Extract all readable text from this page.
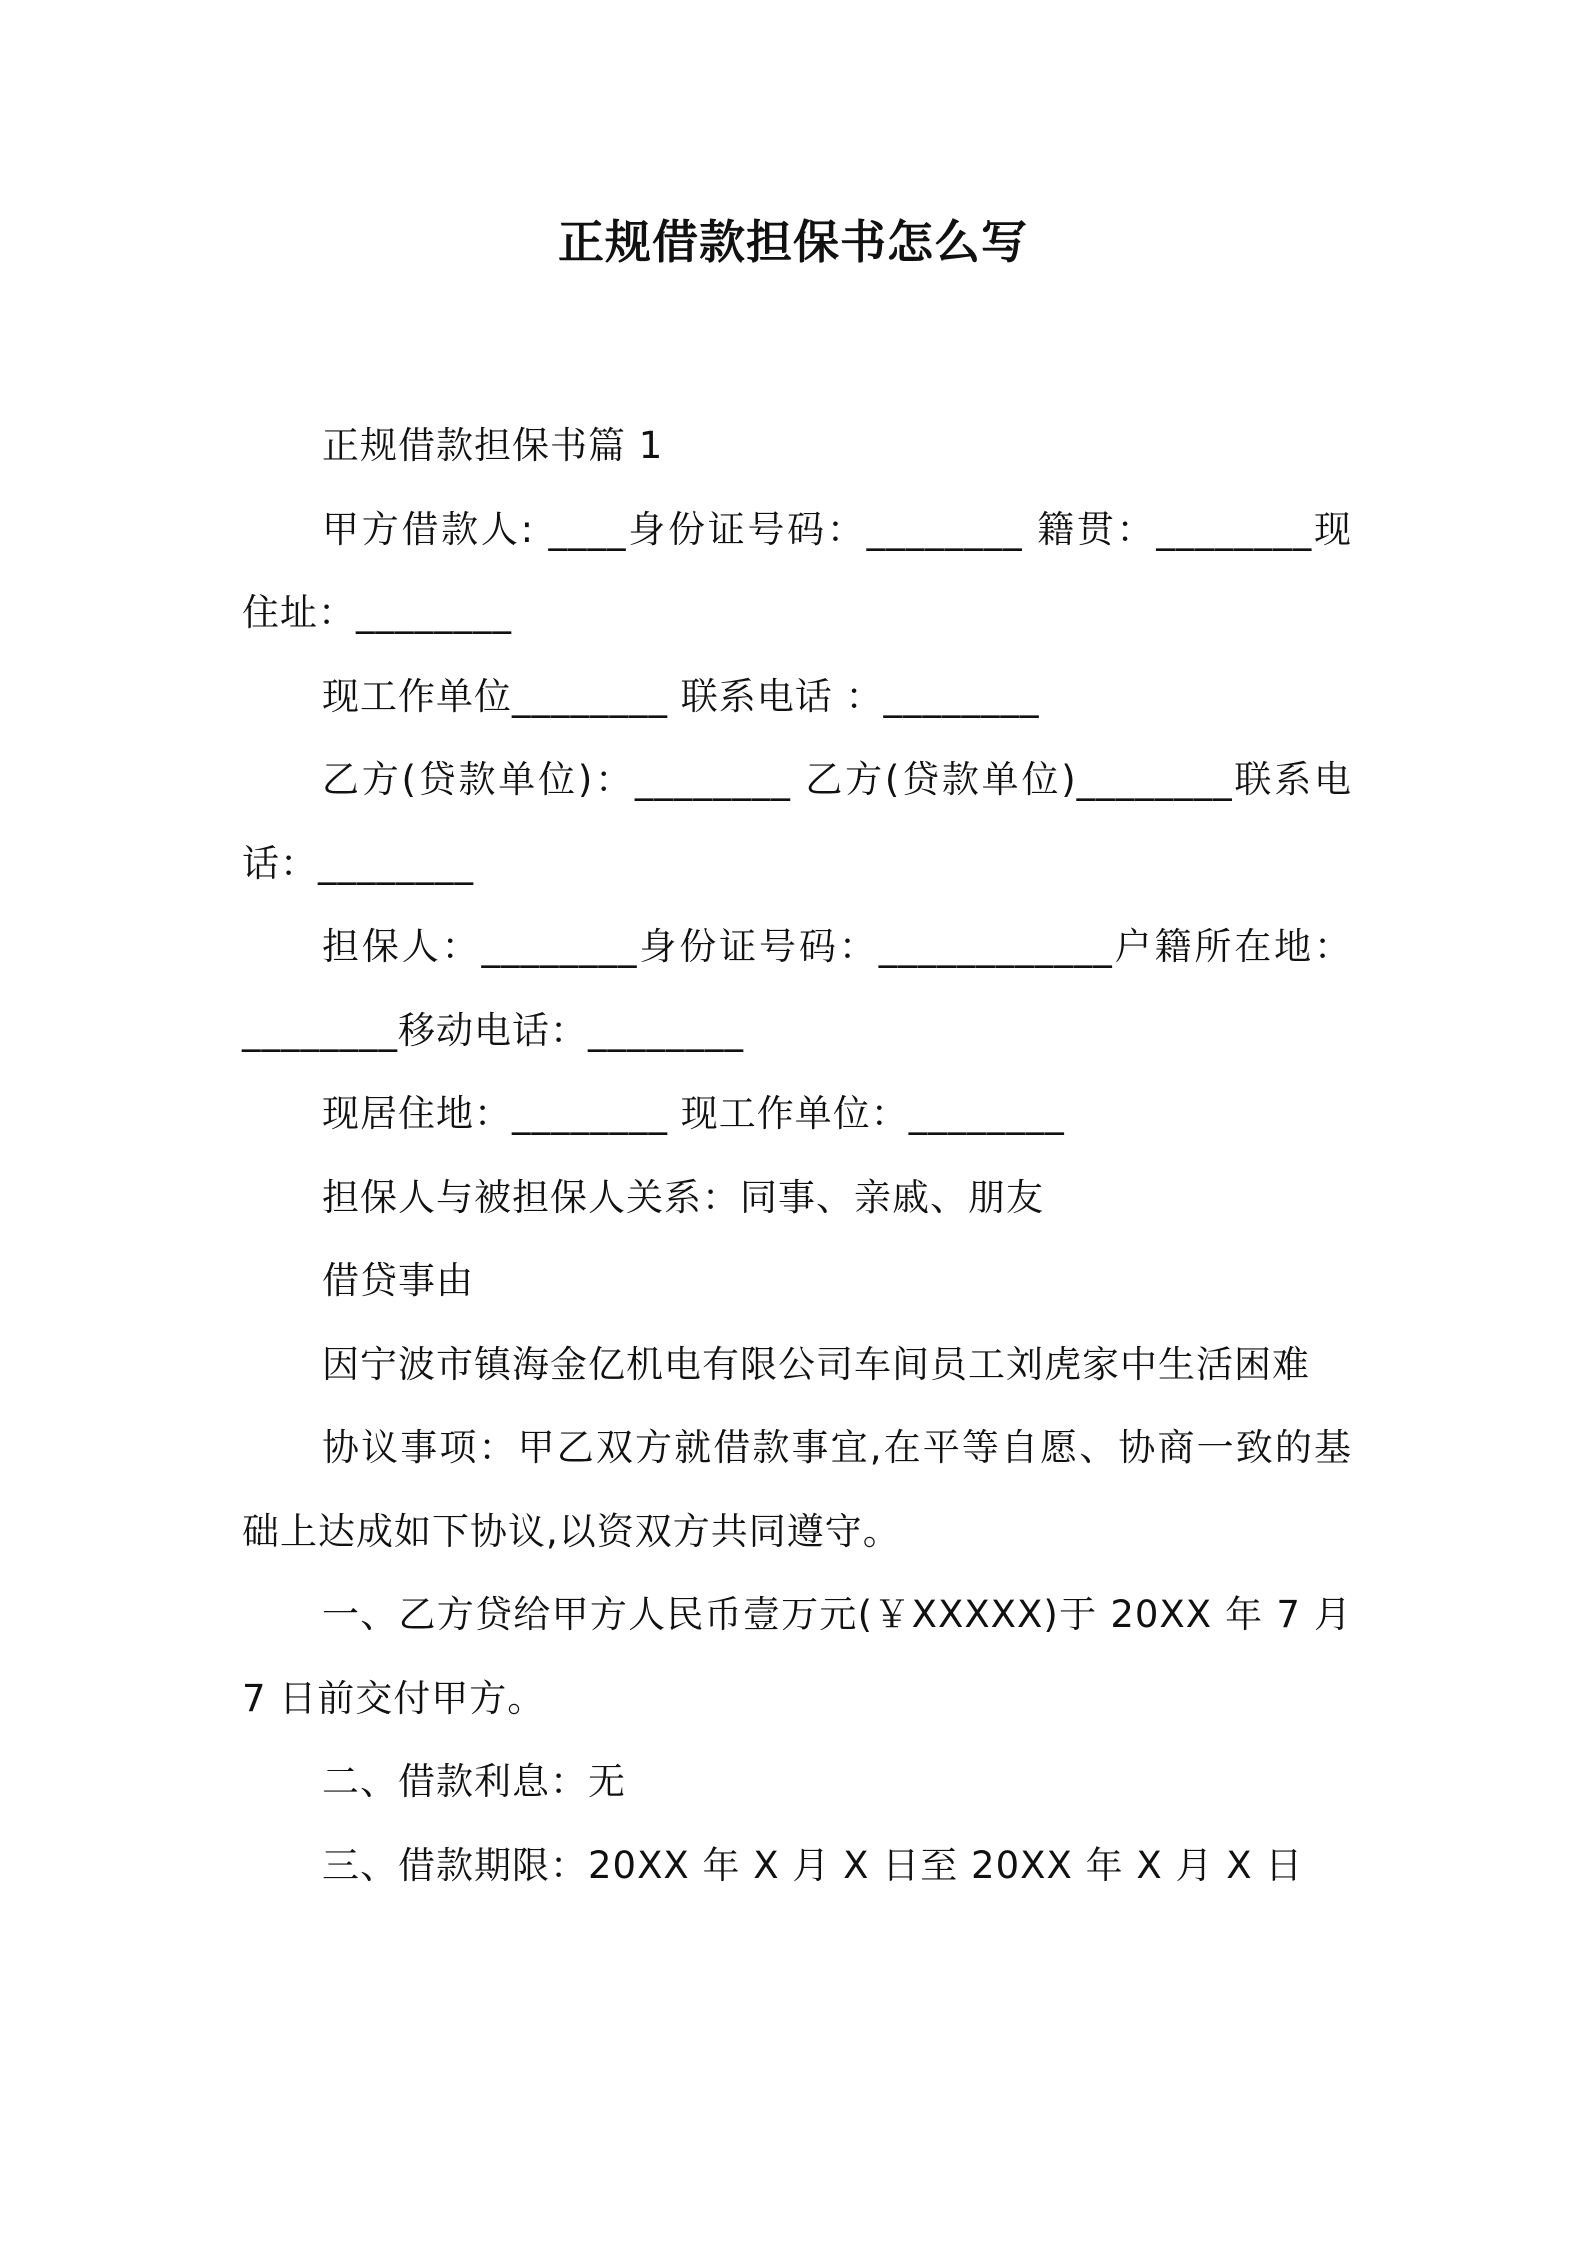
正规借款担保书怎么写

正规借款担保书篇 1

甲方借款人: ____身份证号码：________ 籍贯：________现住址：________

现工作单位________ 联系电话 ：________

乙方(贷款单位)：________ 乙方(贷款单位)________联系电话：________

担保人：________身份证号码：____________户籍所在地：________移动电话：________

现居住地：________ 现工作单位：________

担保人与被担保人关系：同事、亲戚、朋友

借贷事由

因宁波市镇海金亿机电有限公司车间员工刘虎家中生活困难

协议事项：甲乙双方就借款事宜,在平等自愿、协商一致的基础上达成如下协议,以资双方共同遵守。

一、乙方贷给甲方人民币壹万元(￥XXXXX)于 20XX 年 7 月 7 日前交付甲方。

二、借款利息：无

三、借款期限：20XX 年 X 月 X 日至 20XX 年 X 月 X 日
